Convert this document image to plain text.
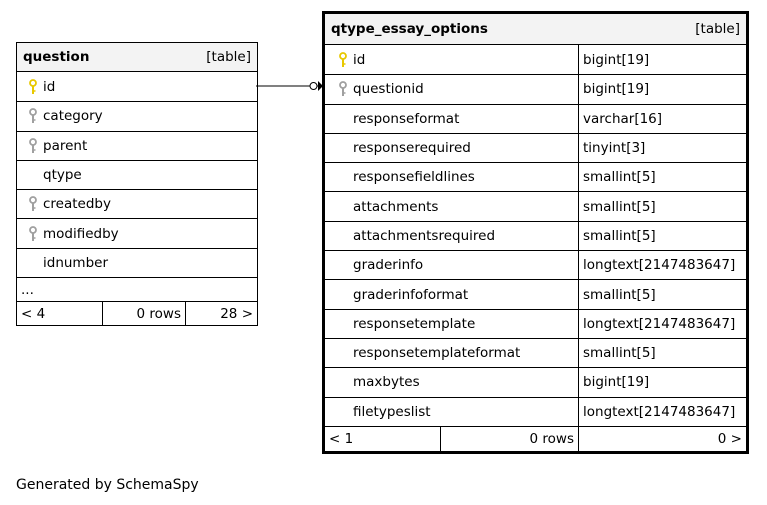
question	[table]
id
category
parent
qtype
createdby
modifiedby
idnumber
...
< 4	0 rows	28 >
qtype_essay_options	[table]
id	bigint[19]
questionid	bigint[19]
responseformat	varchar[16]
responserequired	tinyint[3]
responsefieldlines	smallint[5]
attachments	smallint[5]
attachmentsrequired	smallint[5]
graderinfo	longtext[2147483647]
graderinfoformat	smallint[5]
responsetemplate	longtext[2147483647]
responsetemplateformat	smallint[5]
maxbytes	bigint[19]
filetypeslist	longtext[2147483647]
< 1	0 rows	0 >
Generated by SchemaSpy
